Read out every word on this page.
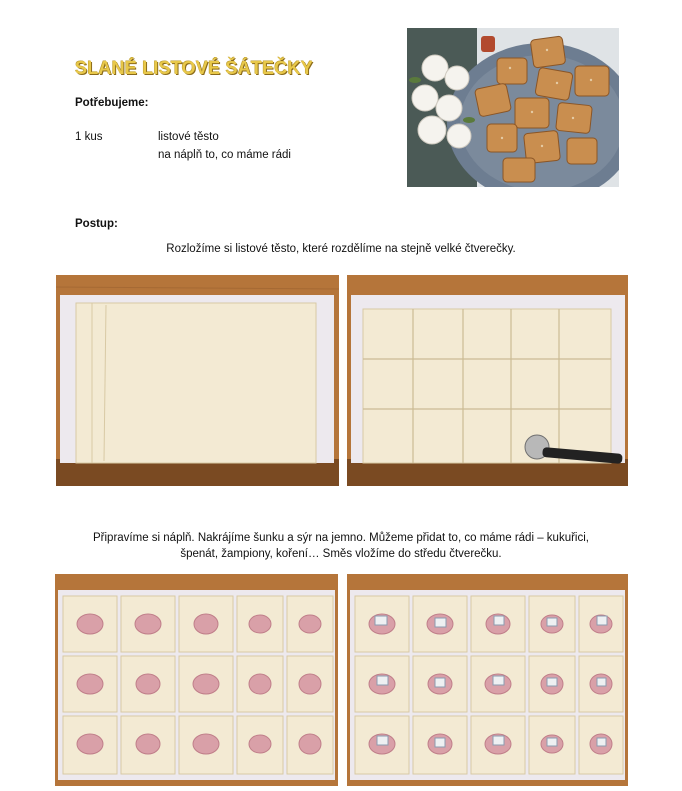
SLANÉ LISTOVÉ ŠÁTEČKY
Potřebujeme:
1 kus	listové těsto
na náplň to, co máme rádi
Postup:
Rozložíme si listové těsto, které rozdělíme na stejně velké čtverečky.
Připravíme si náplň. Nakrájíme šunku a sýr na jemno. Můžeme přidat to, co máme rádi – kukuřici,
špenát, žampiony, koření… Směs vložíme do středu čtverečku.
